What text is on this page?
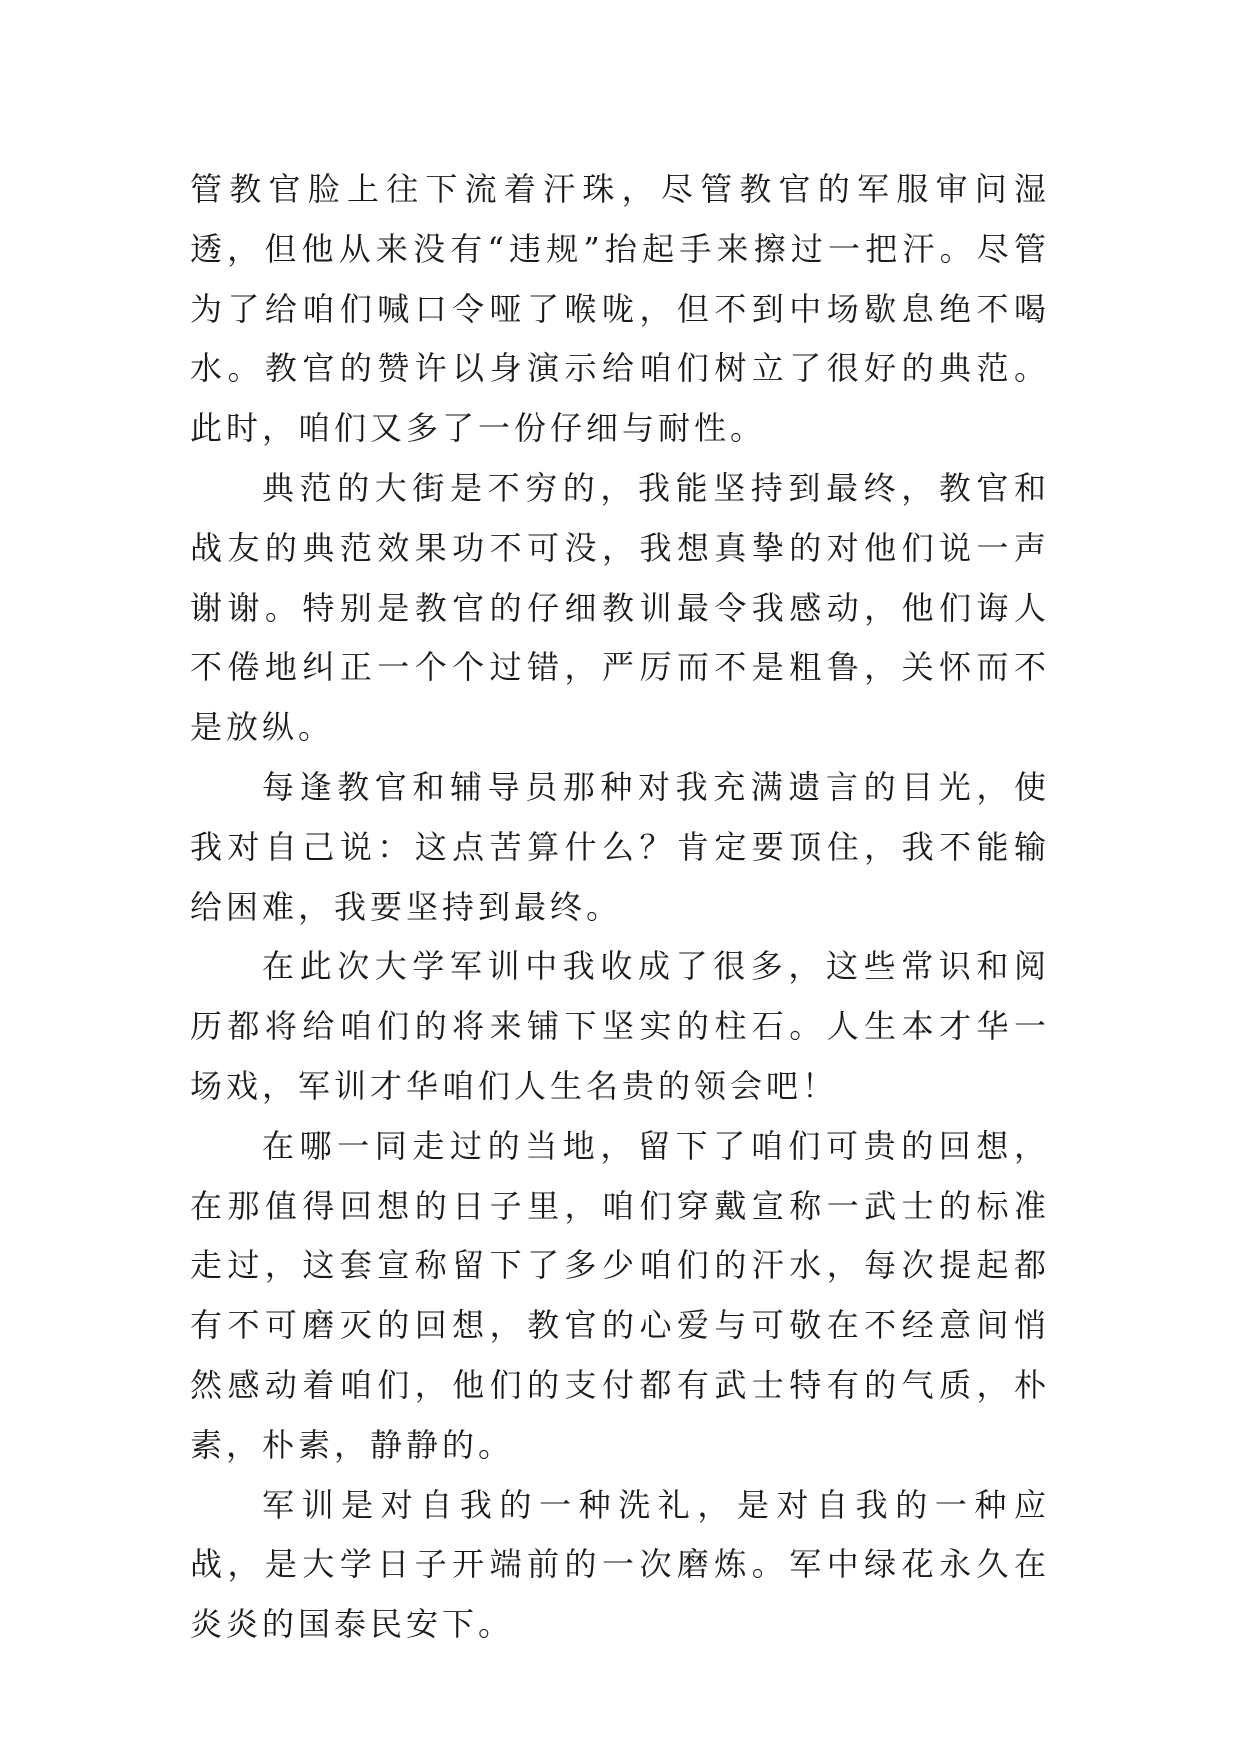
管教官脸上往下流着汗珠，尽管教官的军服审问湿透，但他从来没有“违规”抬起手来擦过一把汗。尽管为了给咱们喊口令哑了喉咙，但不到中场歇息绝不喝水。教官的赞许以身演示给咱们树立了很好的典范。此时，咱们又多了一份仔细与耐性。

典范的大街是不穷的，我能坚持到最终，教官和战友的典范效果功不可没，我想真挚的对他们说一声谢谢。特别是教官的仔细教训最令我感动，他们诲人不倦地纠正一个个过错，严厉而不是粗鲁，关怀而不是放纵。

每逢教官和辅导员那种对我充满遗言的目光，使我对自己说：这点苦算什么？肯定要顶住，我不能输给困难，我要坚持到最终。

在此次大学军训中我收成了很多，这些常识和阅历都将给咱们的将来铺下坚实的柱石。人生本才华一场戏，军训才华咱们人生名贵的领会吧！

在哪一同走过的当地，留下了咱们可贵的回想，在那值得回想的日子里，咱们穿戴宣称一武士的标准走过，这套宣称留下了多少咱们的汗水，每次提起都有不可磨灭的回想，教官的心爱与可敬在不经意间悄然感动着咱们，他们的支付都有武士特有的气质，朴素，朴素，静静的。

军训是对自我的一种洗礼，是对自我的一种应战，是大学日子开端前的一次磨炼。军中绿花永久在炎炎的国泰民安下。
